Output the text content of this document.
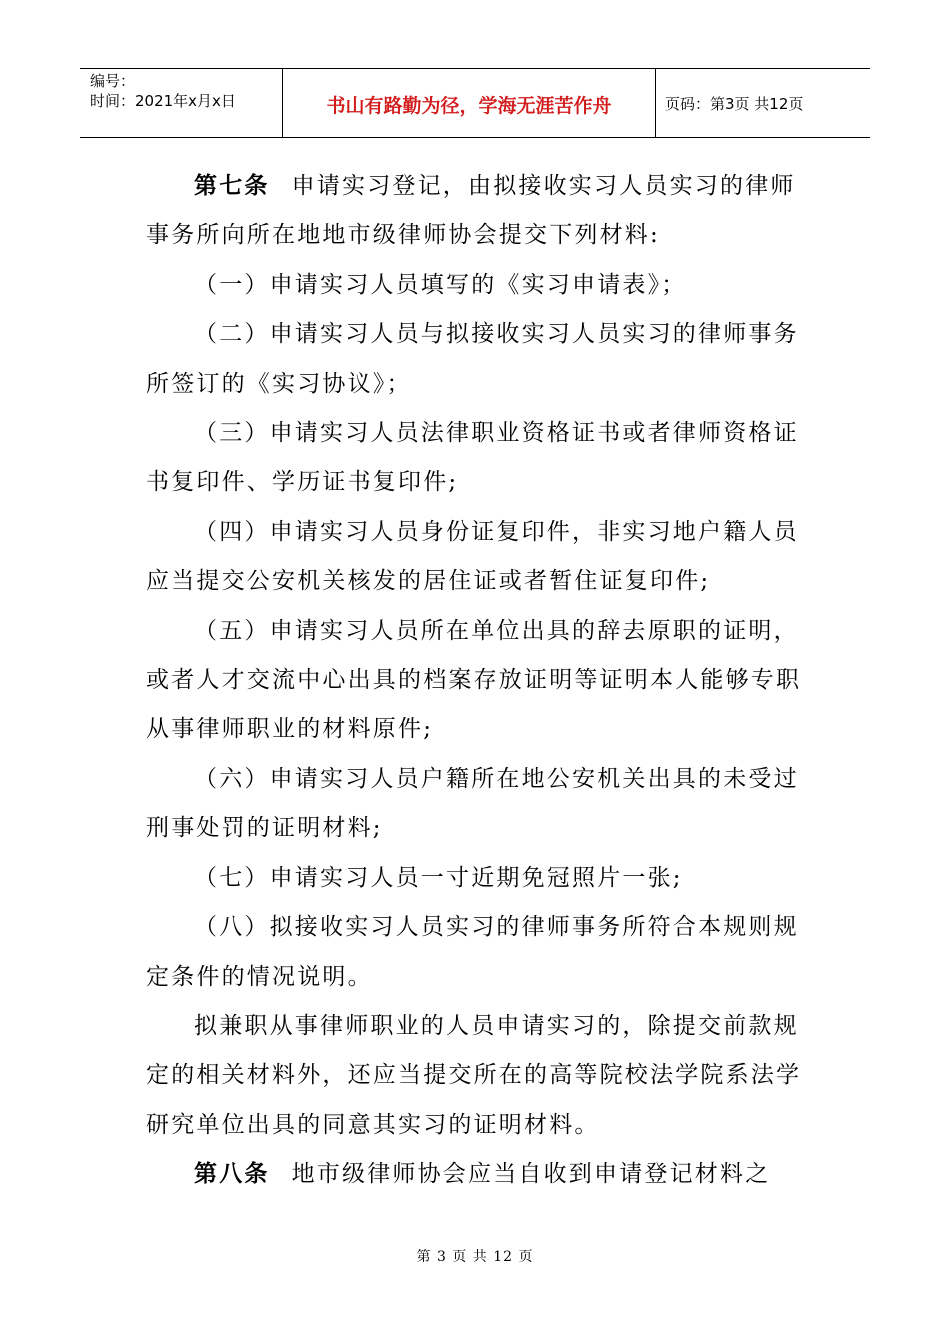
编号：
时间：2021年x月x日	书山有路勤为径，学海无涯苦作舟	页码：第3页 共12页

第七条 申请实习登记，由拟接收实习人员实习的律师事务所向所在地地市级律师协会提交下列材料:

（一）申请实习人员填写的《实习申请表》；

（二）申请实习人员与拟接收实习人员实习的律师事务所签订的《实习协议》；

（三）申请实习人员法律职业资格证书或者律师资格证书复印件、学历证书复印件;

（四）申请实习人员身份证复印件，非实习地户籍人员应当提交公安机关核发的居住证或者暂住证复印件;

（五）申请实习人员所在单位出具的辞去原职的证明，或者人才交流中心出具的档案存放证明等证明本人能够专职从事律师职业的材料原件;

（六）申请实习人员户籍所在地公安机关出具的未受过刑事处罚的证明材料;

（七）申请实习人员一寸近期免冠照片一张;

（八）拟接收实习人员实习的律师事务所符合本规则规定条件的情况说明。

拟兼职从事律师职业的人员申请实习的，除提交前款规定的相关材料外，还应当提交所在的高等院校法学院系法学研究单位出具的同意其实习的证明材料。

第八条 地市级律师协会应当自收到申请登记材料之

第 3 页 共 12 页
